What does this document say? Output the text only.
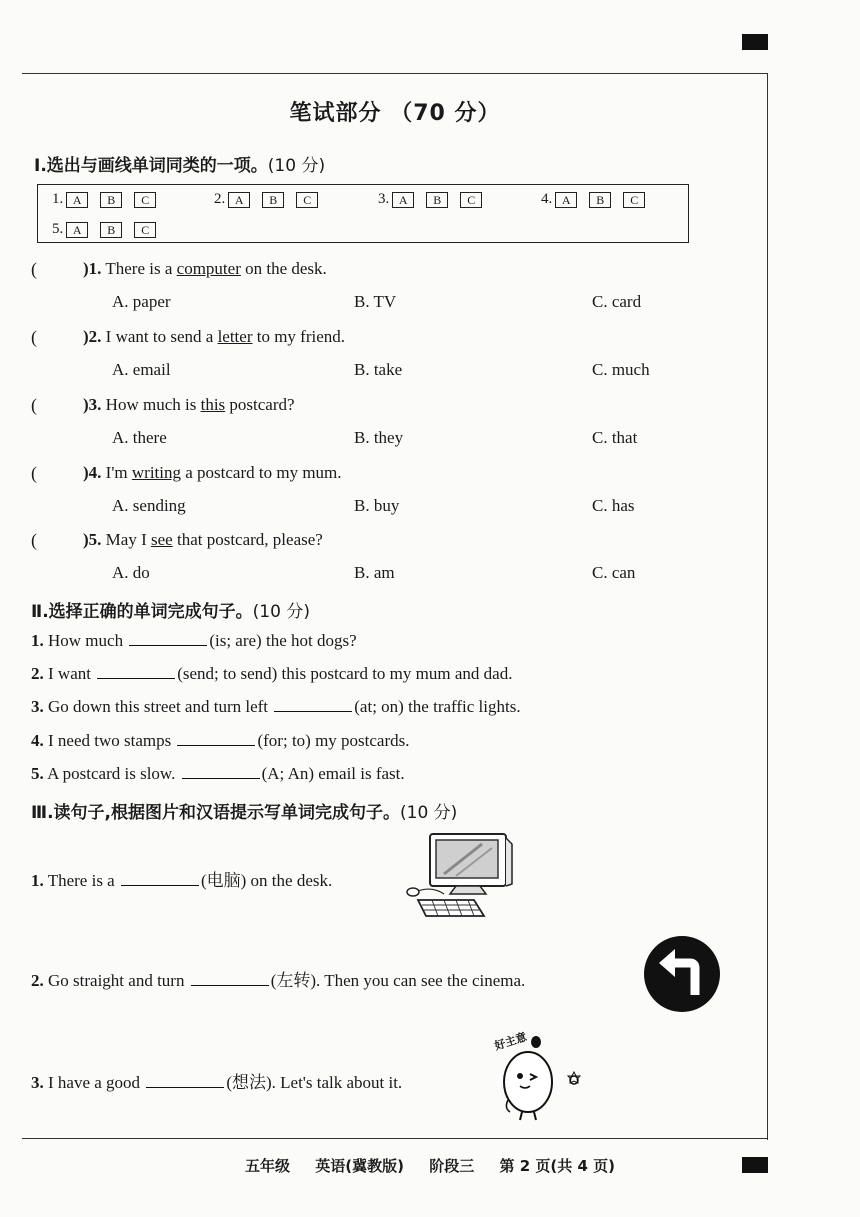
笔试部分 （70 分）
Ⅰ.选出与画线单词同类的一项。(10 分)
1. A	B	C	2. A	B	C	3. A	B	C	4. A	B	C
5. A	B	C
(	)1. There is a computer on the desk.
A. paper	B. TV	C. card
(	)2. I want to send a letter to my friend.
A. email	B. take	C. much
(	)3. How much is this postcard?
A. there	B. they	C. that
(	)4. I'm writing a postcard to my mum.
A. sending	B. buy	C. has
(	)5. May I see that postcard, please?
A. do	B. am	C. can
Ⅱ.选择正确的单词完成句子。(10 分)
1. How much	(is; are) the hot dogs?
2. I want	(send; to send) this postcard to my mum and dad.
3. Go down this street and turn left	(at; on) the traffic lights.
4. I need two stamps	(for; to) my postcards.
5. A postcard is slow.	(A; An) email is fast.
Ⅲ.读句子,根据图片和汉语提示写单词完成句子。(10 分)
1. There is a	(电脑) on the desk.
2. Go straight and turn	(左转). Then you can see the cinema.
3. I have a good	(想法). Let's talk about it.
好主意
五年级 英语(冀教版) 阶段三 第 2 页(共 4 页)
